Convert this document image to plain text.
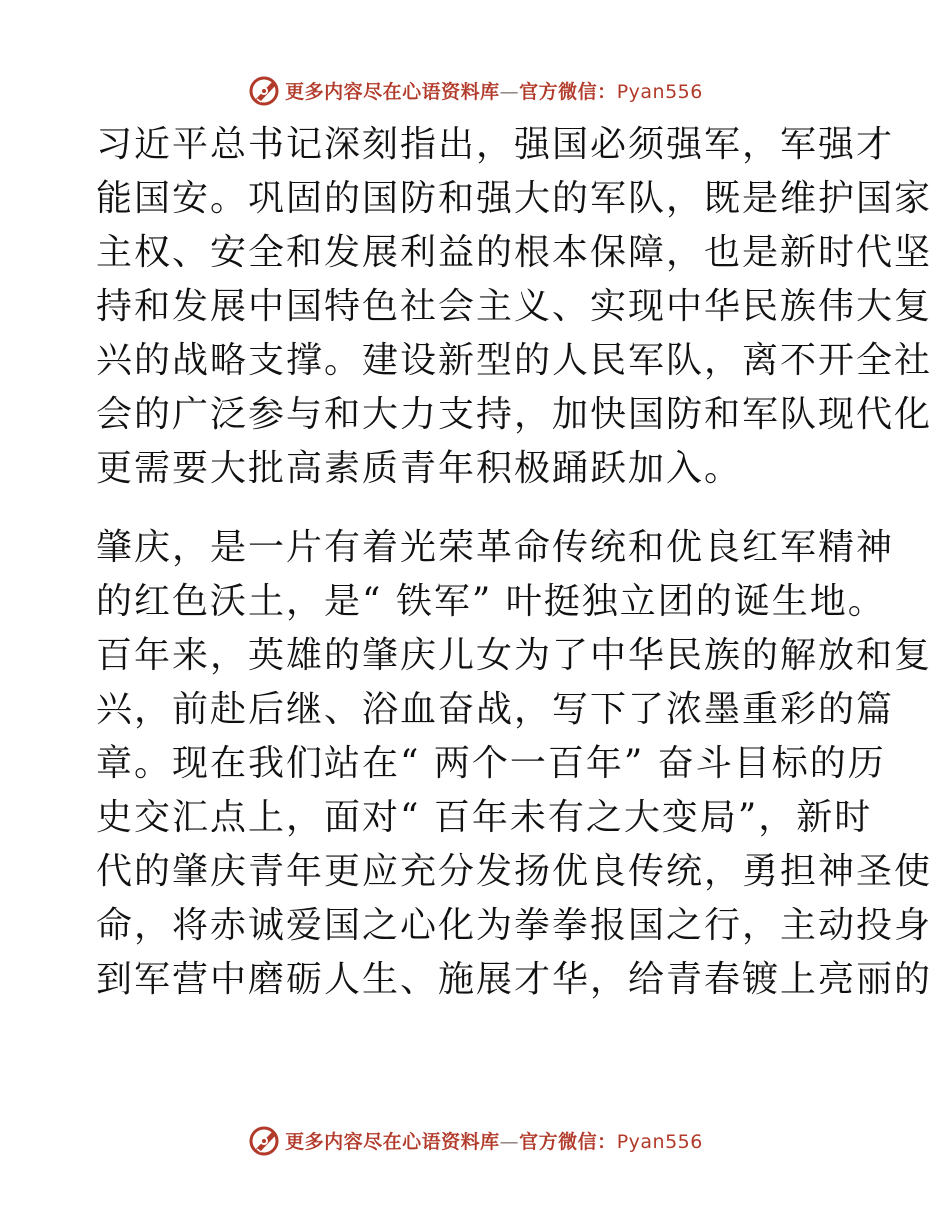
更多内容尽在心语资料库—官方微信：Pyan556
习近平总书记深刻指出，强国必须强军，军强才
能国安。巩固的国防和强大的军队，既是维护国家
主权、安全和发展利益的根本保障，也是新时代坚
持和发展中国特色社会主义、实现中华民族伟大复
兴的战略支撑。建设新型的人民军队，离不开全社
会的广泛参与和大力支持，加快国防和军队现代化
更需要大批高素质青年积极踊跃加入。
肇庆，是一片有着光荣革命传统和优良红军精神
的红色沃土，是“ 铁军” 叶挺独立团的诞生地。
百年来，英雄的肇庆儿女为了中华民族的解放和复
兴，前赴后继、浴血奋战，写下了浓墨重彩的篇
章。现在我们站在“ 两个一百年” 奋斗目标的历
史交汇点上，面对“ 百年未有之大变局”，新时
代的肇庆青年更应充分发扬优良传统，勇担神圣使
命，将赤诚爱国之心化为拳拳报国之行，主动投身
到军营中磨砺人生、施展才华，给青春镀上亮丽的
更多内容尽在心语资料库—官方微信：Pyan556
